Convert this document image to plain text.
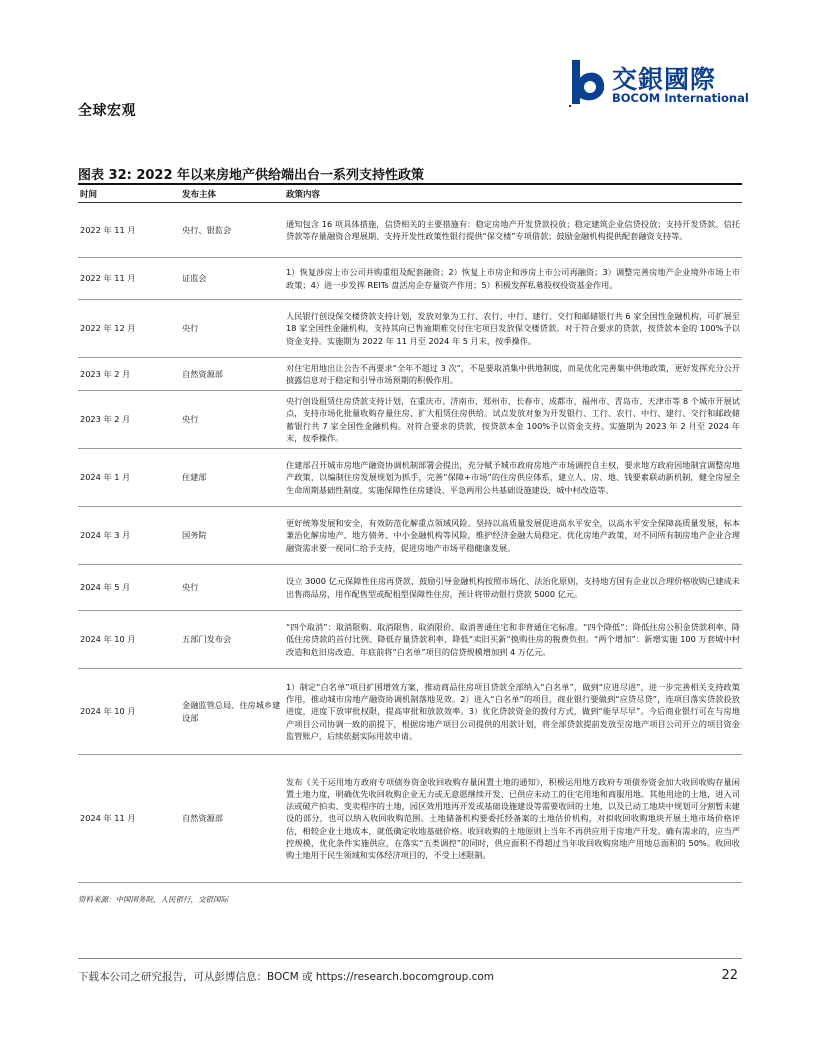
全球宏观
交銀國際
BOCOM International
图表 32: 2022 年以来房地产供给端出台一系列支持性政策
时间	发布主体	政策内容
2022 年 11 月	央行、银监会	通知包含 16 项具体措施，信贷相关的主要措施有：稳定房地产开发贷款投放；稳定建筑企业信贷投放；支持开发贷款、信托贷款等存量融资合理展期、支持开发性政策性银行提供“保交楼”专项借款；鼓励金融机构提供配套融资支持等。
2022 年 11 月	证监会	1）恢复涉房上市公司并购重组及配套融资；2）恢复上市房企和涉房上市公司再融资；3）调整完善房地产企业境外市场上市政策；4）进一步发挥 REITs 盘活房企存量资产作用；5）积极发挥私募股权投资基金作用。
2022 年 12 月	央行	人民银行创设保交楼贷款支持计划，发放对象为工行、农行、中行、建行、交行和邮储银行共 6 家全国性金融机构，可扩展至 18 家全国性金融机构，支持其向已售逾期难交付住宅项目发放保交楼贷款。对于符合要求的贷款，按贷款本金的 100%予以资金支持。实施期为 2022 年 11 月至 2024 年 5 月末，按季操作。
2023 年 2 月	自然资源部	对住宅用地出让公告不再要求“全年不超过 3 次”，不是要取消集中供地制度，而是优化完善集中供地政策，更好发挥充分公开披露信息对于稳定和引导市场预期的积极作用。
2023 年 2 月	央行	央行创设租赁住房贷款支持计划，在重庆市、济南市、郑州市、长春市、成都市、福州市、青岛市、天津市等 8 个城市开展试点，支持市场化批量收购存量住房、扩大租赁住房供给。试点发放对象为开发银行、工行、农行、中行、建行、交行和邮政储蓄银行共 7 家全国性金融机构。对符合要求的贷款，按贷款本金 100%予以资金支持。实施期为 2023 年 2 月至 2024 年末，按季操作。
2024 年 1 月	住建部	住建部召开城市房地产融资协调机制部署会提出，充分赋予城市政府房地产市场调控自主权，要求地方政府因地制宜调整房地产政策，以编制住房发展规划为抓手，完善“保障+市场”的住房供应体系，建立人、房、地、钱要素联动新机制，健全房屋全生命周期基础性制度，实施保障性住房建设、平急两用公共基础设施建设、城中村改造等。
2024 年 3 月	国务院	更好统筹发展和安全，有效防范化解重点领域风险。坚持以高质量发展促进高水平安全，以高水平安全保障高质量发展，标本兼治化解房地产、地方债务、中小金融机构等风险，维护经济金融大局稳定。优化房地产政策，对不同所有制房地产企业合理融资需求要一视同仁给予支持，促进房地产市场平稳健康发展。
2024 年 5 月	央行	设立 3000 亿元保障性住房再贷款，鼓励引导金融机构按照市场化、法治化原则，支持地方国有企业以合理价格收购已建成未出售商品房，用作配售型或配租型保障性住房，预计将带动银行贷款 5000 亿元。
2024 年 10 月	五部门发布会	“四个取消”：取消限购、取消限售、取消限价、取消普通住宅和非普通住宅标准。“四个降低”：降低住房公积金贷款利率、降低住房贷款的首付比例、降低存量贷款利率、降低“卖旧买新”换购住房的税费负担。“两个增加”：新增实施 100 万套城中村改造和危旧房改造、年底前将“白名单”项目的信贷规模增加到 4 万亿元。
2024 年 10 月	金融监管总局、住房城乡建设部	1）制定“白名单”项目扩围增效方案，推动商品住房项目贷款全部纳入“白名单”，做到“应进尽进”，进一步完善相关支持政策作用，推动城市房地产融资协调机制落地见效。2）进入“白名单”的项目，商业银行要做到“应贷尽贷”，连项目落实贷款投放进度，进度下放审批权限，提高审批和放款效率。3）优化贷款资金的拨付方式，做到“能早尽早”。今后商业银行可在与房地产项目公司协调一致的前提下，根据房地产项目公司提供的用款计划，将全部贷款提前发放至房地产项目公司开立的项目资金监管账户，后续依据实际用款申请。
2024 年 11 月	自然资源部	发布《关于运用地方政府专项债券资金收回收购存量闲置土地的通知》，积极运用地方政府专项债券资金加大收回收购存量闲置土地力度，明确优先收回收购企业无力或无意愿继续开发、已供应未动工的住宅用地和商服用地。其他用途的土地，进入司法或破产拍卖、变卖程序的土地，园区效用地再开发或基础设施建设等需要收回的土地，以及已动工地块中规划可分割暂未建设的部分，也可以纳入收回收购范围。土地储备机构要委托经备案的土地估价机构，对拟收回收购地块开展土地市场价格评估，相较企业土地成本，就低确定收地基础价格。收回收购的土地原则上当年不再供应用于房地产开发。确有需求的，应当严控规模，优化条件实施供应，在落实“五类调控”的同时，供应面积不得超过当年收回收购房地产用地总面积的 50%。收回收购土地用于民生领域和实体经济项目的，不受上述限制。
资料来源：中国国务院，人民银行，交银国际
下载本公司之研究报告，可从彭博信息：BOCM 或 https://research.bocomgroup.com	22
